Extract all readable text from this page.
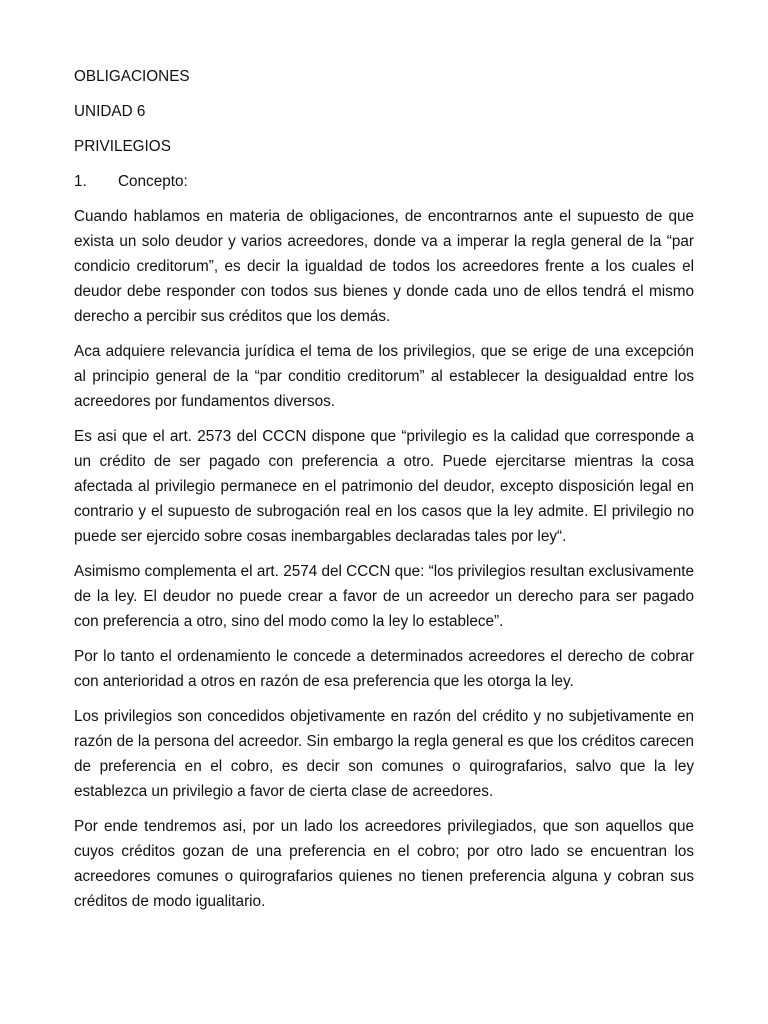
OBLIGACIONES
UNIDAD 6
PRIVILEGIOS
1.	Concepto:

Cuando hablamos en materia de obligaciones, de encontrarnos ante el supuesto de que exista un solo deudor y varios acreedores, donde va a imperar la regla general de la “par condicio creditorum”, es decir la igualdad de todos los acreedores frente a los cuales el deudor debe responder con todos sus bienes y donde cada uno de ellos tendrá el mismo derecho a percibir sus créditos que los demás.

Aca adquiere relevancia jurídica el tema de los privilegios, que se erige de una excepción al principio general de la “par conditio creditorum” al establecer la desigualdad entre los acreedores por fundamentos diversos.

Es asi que el art. 2573 del CCCN dispone que “privilegio es la calidad que corresponde a un crédito de ser pagado con preferencia a otro. Puede ejercitarse mientras la cosa afectada al privilegio permanece en el patrimonio del deudor, excepto disposición legal en contrario y el supuesto de subrogación real en los casos que la ley admite. El privilegio no puede ser ejercido sobre cosas inembargables declaradas tales por ley“.

Asimismo complementa el art. 2574 del CCCN que: “los privilegios resultan exclusivamente de la ley. El deudor no puede crear a favor de un acreedor un derecho para ser pagado con preferencia a otro, sino del modo como la ley lo establece”.

Por lo tanto el ordenamiento le concede a determinados acreedores el derecho de cobrar con anterioridad a otros en razón de esa preferencia que les otorga la ley.

Los privilegios son concedidos objetivamente en razón del crédito y no subjetivamente en razón de la persona del acreedor. Sin embargo la regla general es que los créditos carecen de preferencia en el cobro, es decir son comunes o quirografarios, salvo que la ley establezca un privilegio a favor de cierta clase de acreedores.

Por ende tendremos asi, por un lado los acreedores privilegiados, que son aquellos que cuyos créditos gozan de una preferencia en el cobro; por otro lado se encuentran los acreedores comunes o quirografarios quienes no tienen preferencia alguna y cobran sus créditos de modo igualitario.
